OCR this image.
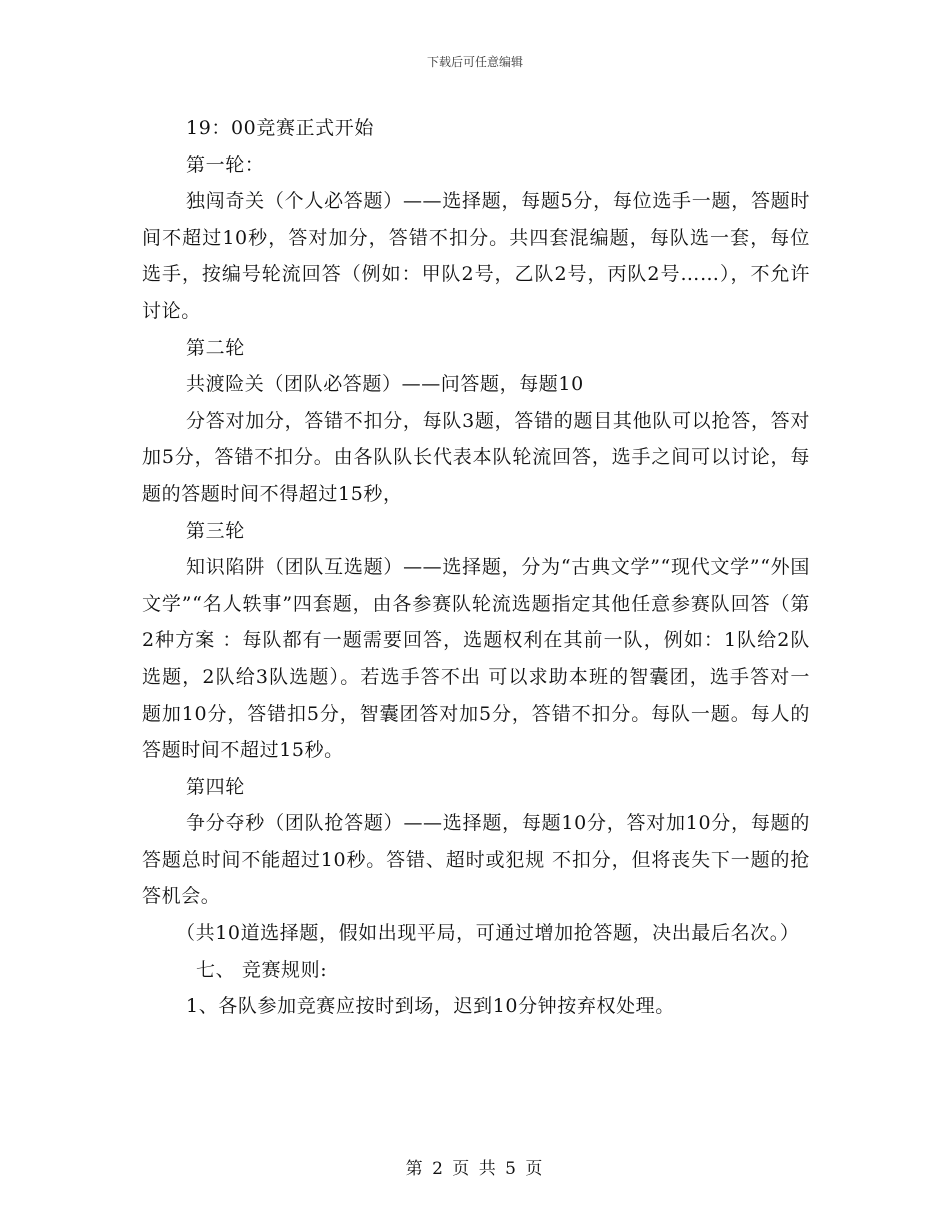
下载后可任意编辑

19：00竞赛正式开始

第一轮：

独闯奇关（个人必答题）——选择题，每题5分，每位选手一题，答题时间不超过10秒，答对加分，答错不扣分。共四套混编题，每队选一套，每位选手，按编号轮流回答（例如：甲队2号，乙队2号，丙队2号……），不允许讨论。

第二轮

共渡险关（团队必答题）——问答题，每题10

分答对加分，答错不扣分，每队3题，答错的题目其他队可以抢答，答对加5分，答错不扣分。由各队队长代表本队轮流回答，选手之间可以讨论，每题的答题时间不得超过15秒，

第三轮

知识陷阱（团队互选题）——选择题，分为“古典文学”“现代文学”“外国文学”“名人轶事”四套题，由各参赛队轮流选题指定其他任意参赛队回答（第2种方案 ：每队都有一题需要回答，选题权利在其前一队，例如：1队给2队选题，2队给3队选题）。若选手答不出 可以求助本班的智囊团，选手答对一题加10分，答错扣5分，智囊团答对加5分，答错不扣分。每队一题。每人的答题时间不超过15秒。

第四轮

争分夺秒（团队抢答题）——选择题，每题10分，答对加10分，每题的答题总时间不能超过10秒。答错、超时或犯规 不扣分，但将丧失下一题的抢答机会。

（共10道选择题，假如出现平局，可通过增加抢答题，决出最后名次。）

七、 竞赛规则:

1、各队参加竞赛应按时到场，迟到10分钟按弃权处理。

第 2 页 共 5 页
